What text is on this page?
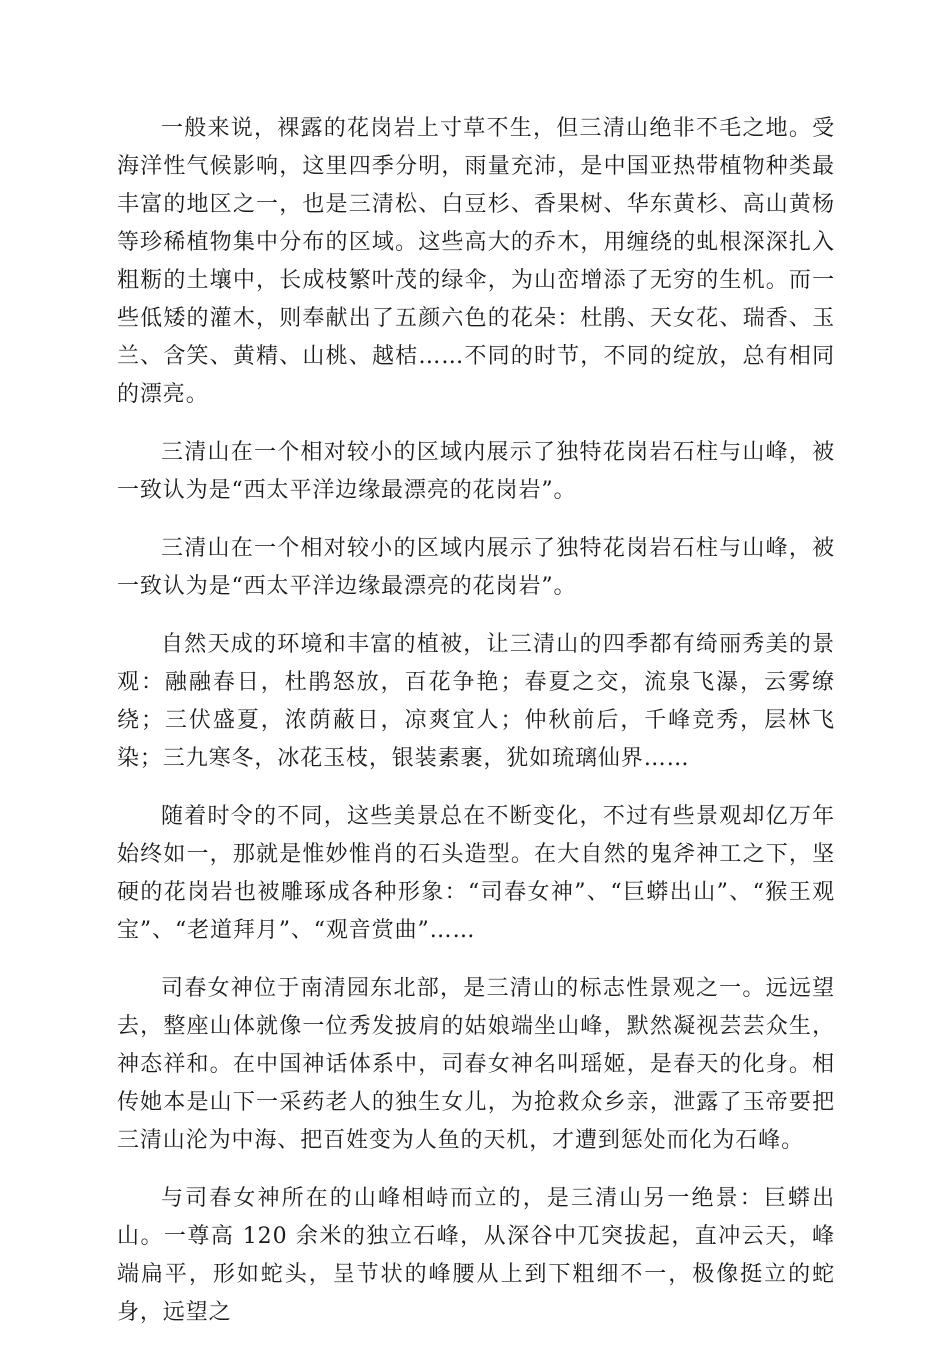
一般来说，裸露的花岗岩上寸草不生，但三清山绝非不毛之地。受海洋性气候影响，这里四季分明，雨量充沛，是中国亚热带植物种类最丰富的地区之一，也是三清松、白豆杉、香果树、华东黄杉、高山黄杨等珍稀植物集中分布的区域。这些高大的乔木，用缠绕的虬根深深扎入粗粝的土壤中，长成枝繁叶茂的绿伞，为山峦增添了无穷的生机。而一些低矮的灌木，则奉献出了五颜六色的花朵：杜鹃、天女花、瑞香、玉兰、含笑、黄精、山桃、越桔……不同的时节，不同的绽放，总有相同的漂亮。

三清山在一个相对较小的区域内展示了独特花岗岩石柱与山峰，被一致认为是“西太平洋边缘最漂亮的花岗岩”。

三清山在一个相对较小的区域内展示了独特花岗岩石柱与山峰，被一致认为是“西太平洋边缘最漂亮的花岗岩”。

自然天成的环境和丰富的植被，让三清山的四季都有绮丽秀美的景观：融融春日，杜鹃怒放，百花争艳；春夏之交，流泉飞瀑，云雾缭绕；三伏盛夏，浓荫蔽日，凉爽宜人；仲秋前后，千峰竞秀，层林飞染；三九寒冬，冰花玉枝，银装素裹，犹如琉璃仙界……

随着时令的不同，这些美景总在不断变化，不过有些景观却亿万年始终如一，那就是惟妙惟肖的石头造型。在大自然的鬼斧神工之下，坚硬的花岗岩也被雕琢成各种形象：“司春女神”、“巨蟒出山”、“猴王观宝”、“老道拜月”、“观音赏曲”……

司春女神位于南清园东北部，是三清山的标志性景观之一。远远望去，整座山体就像一位秀发披肩的姑娘端坐山峰，默然凝视芸芸众生，神态祥和。在中国神话体系中，司春女神名叫瑶姬，是春天的化身。相传她本是山下一采药老人的独生女儿，为抢救众乡亲，泄露了玉帝要把三清山沦为中海、把百姓变为人鱼的天机，才遭到惩处而化为石峰。

与司春女神所在的山峰相峙而立的，是三清山另一绝景：巨蟒出山。一尊高 120 余米的独立石峰，从深谷中兀突拔起，直冲云天，峰端扁平，形如蛇头，呈节状的峰腰从上到下粗细不一，极像挺立的蛇身，远望之
